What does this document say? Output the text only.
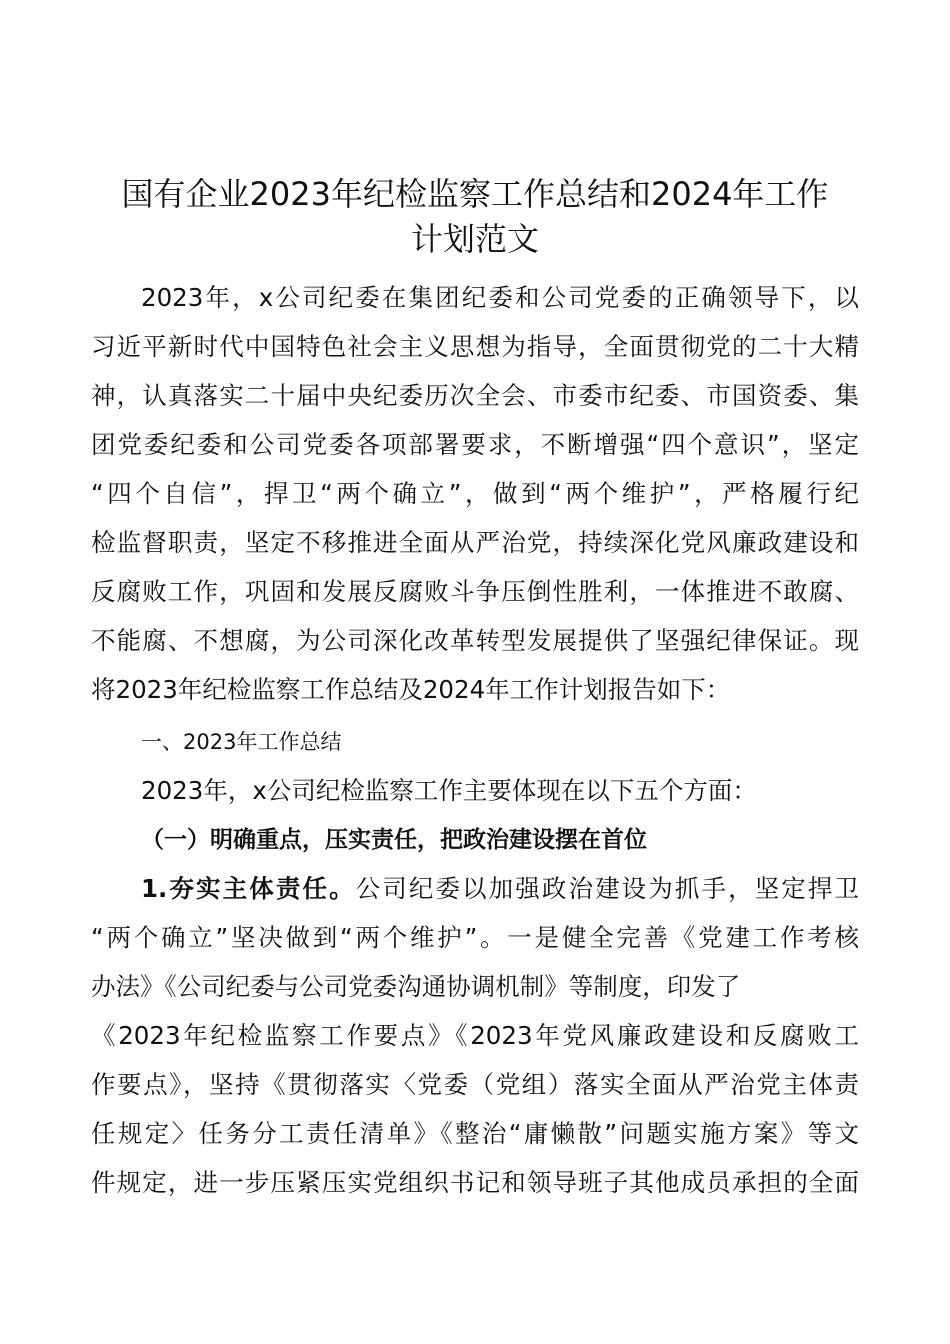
国有企业2023年纪检监察工作总结和2024年工作
计划范文

2023年，x公司纪委在集团纪委和公司党委的正确领导下，以

习近平新时代中国特色社会主义思想为指导，全面贯彻党的二十大精

神，认真落实二十届中央纪委历次全会、市委市纪委、市国资委、集

团党委纪委和公司党委各项部署要求，不断增强“四个意识”，坚定

“四个自信”，捍卫“两个确立”，做到“两个维护”，严格履行纪

检监督职责，坚定不移推进全面从严治党，持续深化党风廉政建设和

反腐败工作，巩固和发展反腐败斗争压倒性胜利，一体推进不敢腐、

不能腐、不想腐，为公司深化改革转型发展提供了坚强纪律保证。现

将2023年纪检监察工作总结及2024年工作计划报告如下：

一、2023年工作总结

2023年，x公司纪检监察工作主要体现在以下五个方面：

（一）明确重点，压实责任，把政治建设摆在首位

1.夯实主体责任。公司纪委以加强政治建设为抓手，坚定捍卫

“两个确立”坚决做到“两个维护”。一是健全完善《党建工作考核

办法》《公司纪委与公司党委沟通协调机制》等制度，印发了

《2023年纪检监察工作要点》《2023年党风廉政建设和反腐败工

作要点》，坚持《贯彻落实〈党委（党组）落实全面从严治党主体责

任规定〉任务分工责任清单》《整治“庸懒散”问题实施方案》等文

件规定，进一步压紧压实党组织书记和领导班子其他成员承担的全面
